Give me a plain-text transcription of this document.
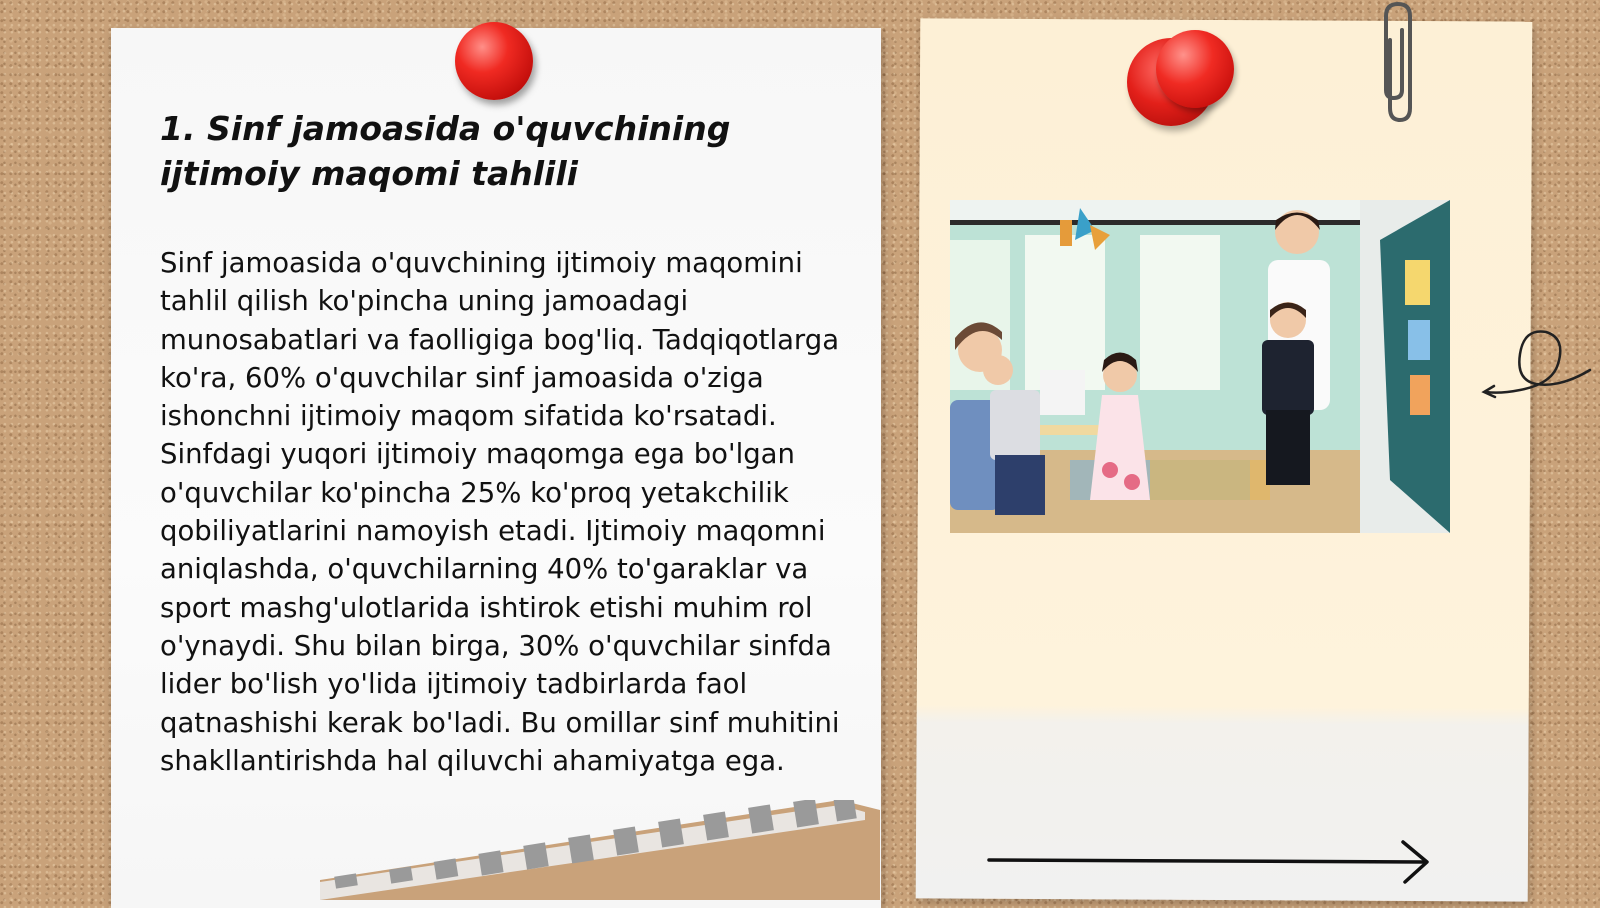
1. Sinf jamoasida o'quvchining ijtimoiy maqomi tahlili

Sinf jamoasida o'quvchining ijtimoiy maqomini tahlil qilish ko'pincha uning jamoadagi munosabatlari va faolligiga bog'liq. Tadqiqotlarga ko'ra, 60% o'quvchilar sinf jamoasida o'ziga ishonchni ijtimoiy maqom sifatida ko'rsatadi. Sinfdagi yuqori ijtimoiy maqomga ega bo'lgan o'quvchilar ko'pincha 25% ko'proq yetakchilik qobiliyatlarini namoyish etadi. Ijtimoiy maqomni aniqlashda, o'quvchilarning 40% to'garaklar va sport mashg'ulotlarida ishtirok etishi muhim rol o'ynaydi. Shu bilan birga, 30% o'quvchilar sinfda lider bo'lish yo'lida ijtimoiy tadbirlarda faol qatnashishi kerak bo'ladi. Bu omillar sinf muhitini shakllantirishda hal qiluvchi ahamiyatga ega.
